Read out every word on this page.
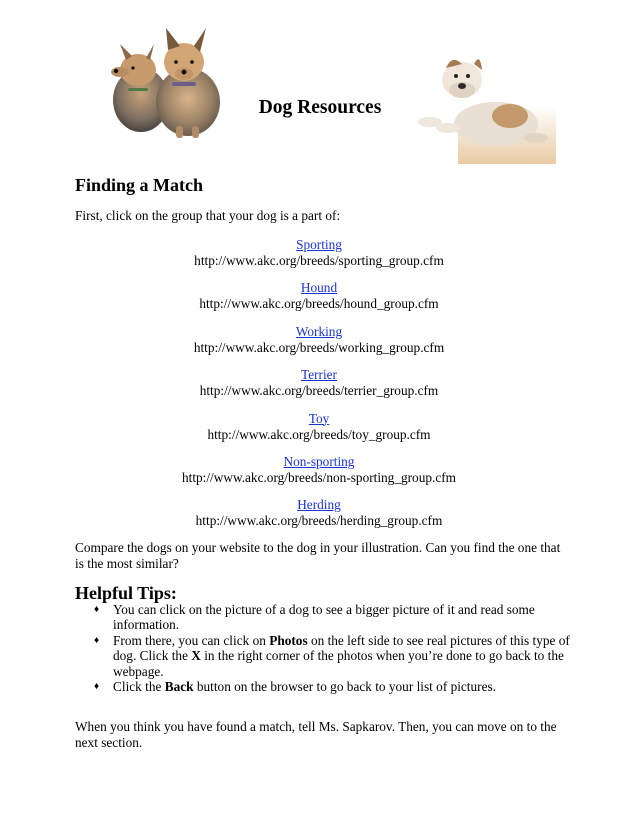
Dog Resources
Finding a Match

First, click on the group that your dog is a part of:

Sporting
http://www.akc.org/breeds/sporting_group.cfm
Hound
http://www.akc.org/breeds/hound_group.cfm
Working
http://www.akc.org/breeds/working_group.cfm
Terrier
http://www.akc.org/breeds/terrier_group.cfm
Toy
http://www.akc.org/breeds/toy_group.cfm
Non-sporting
http://www.akc.org/breeds/non-sporting_group.cfm
Herding
http://www.akc.org/breeds/herding_group.cfm

Compare the dogs on your website to the dog in your illustration. Can you find the one that is the most similar?

Helpful Tips:
♦ You can click on the picture of a dog to see a bigger picture of it and read some information.
♦ From there, you can click on Photos on the left side to see real pictures of this type of dog. Click the X in the right corner of the photos when you’re done to go back to the webpage.
♦ Click the Back button on the browser to go back to your list of pictures.

When you think you have found a match, tell Ms. Sapkarov. Then, you can move on to the next section.
